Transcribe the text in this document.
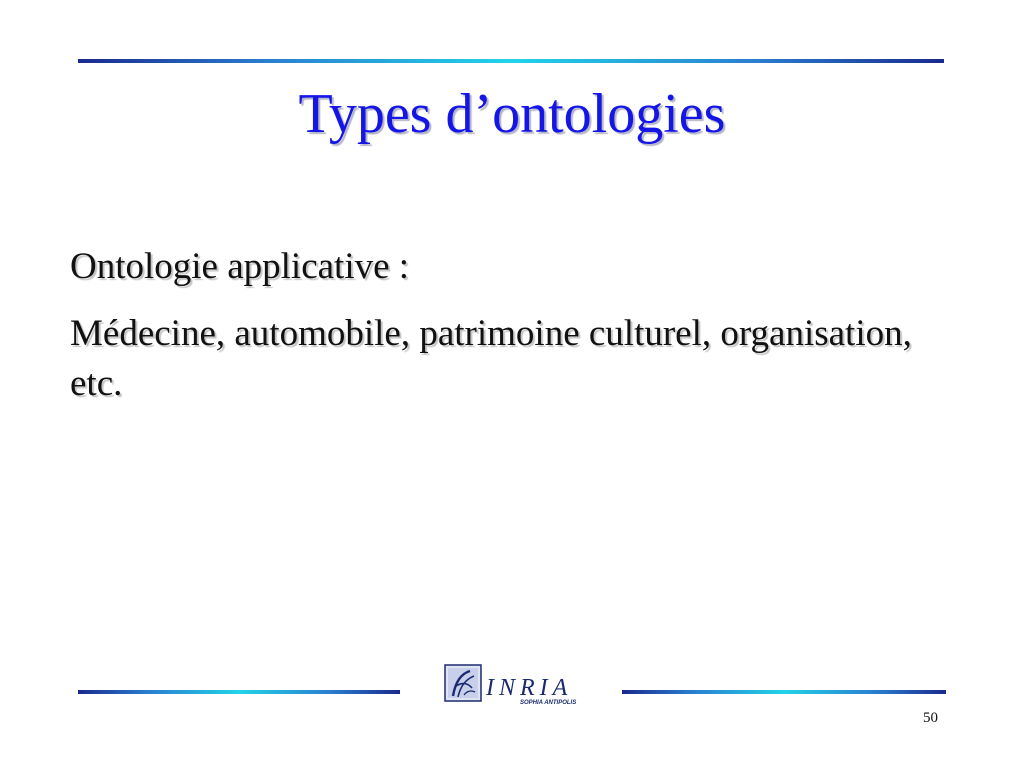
Types d’ontologies
Ontologie applicative :
Médecine, automobile, patrimoine culturel, organisation, etc.
INRIA
SOPHIA ANTIPOLIS
50
